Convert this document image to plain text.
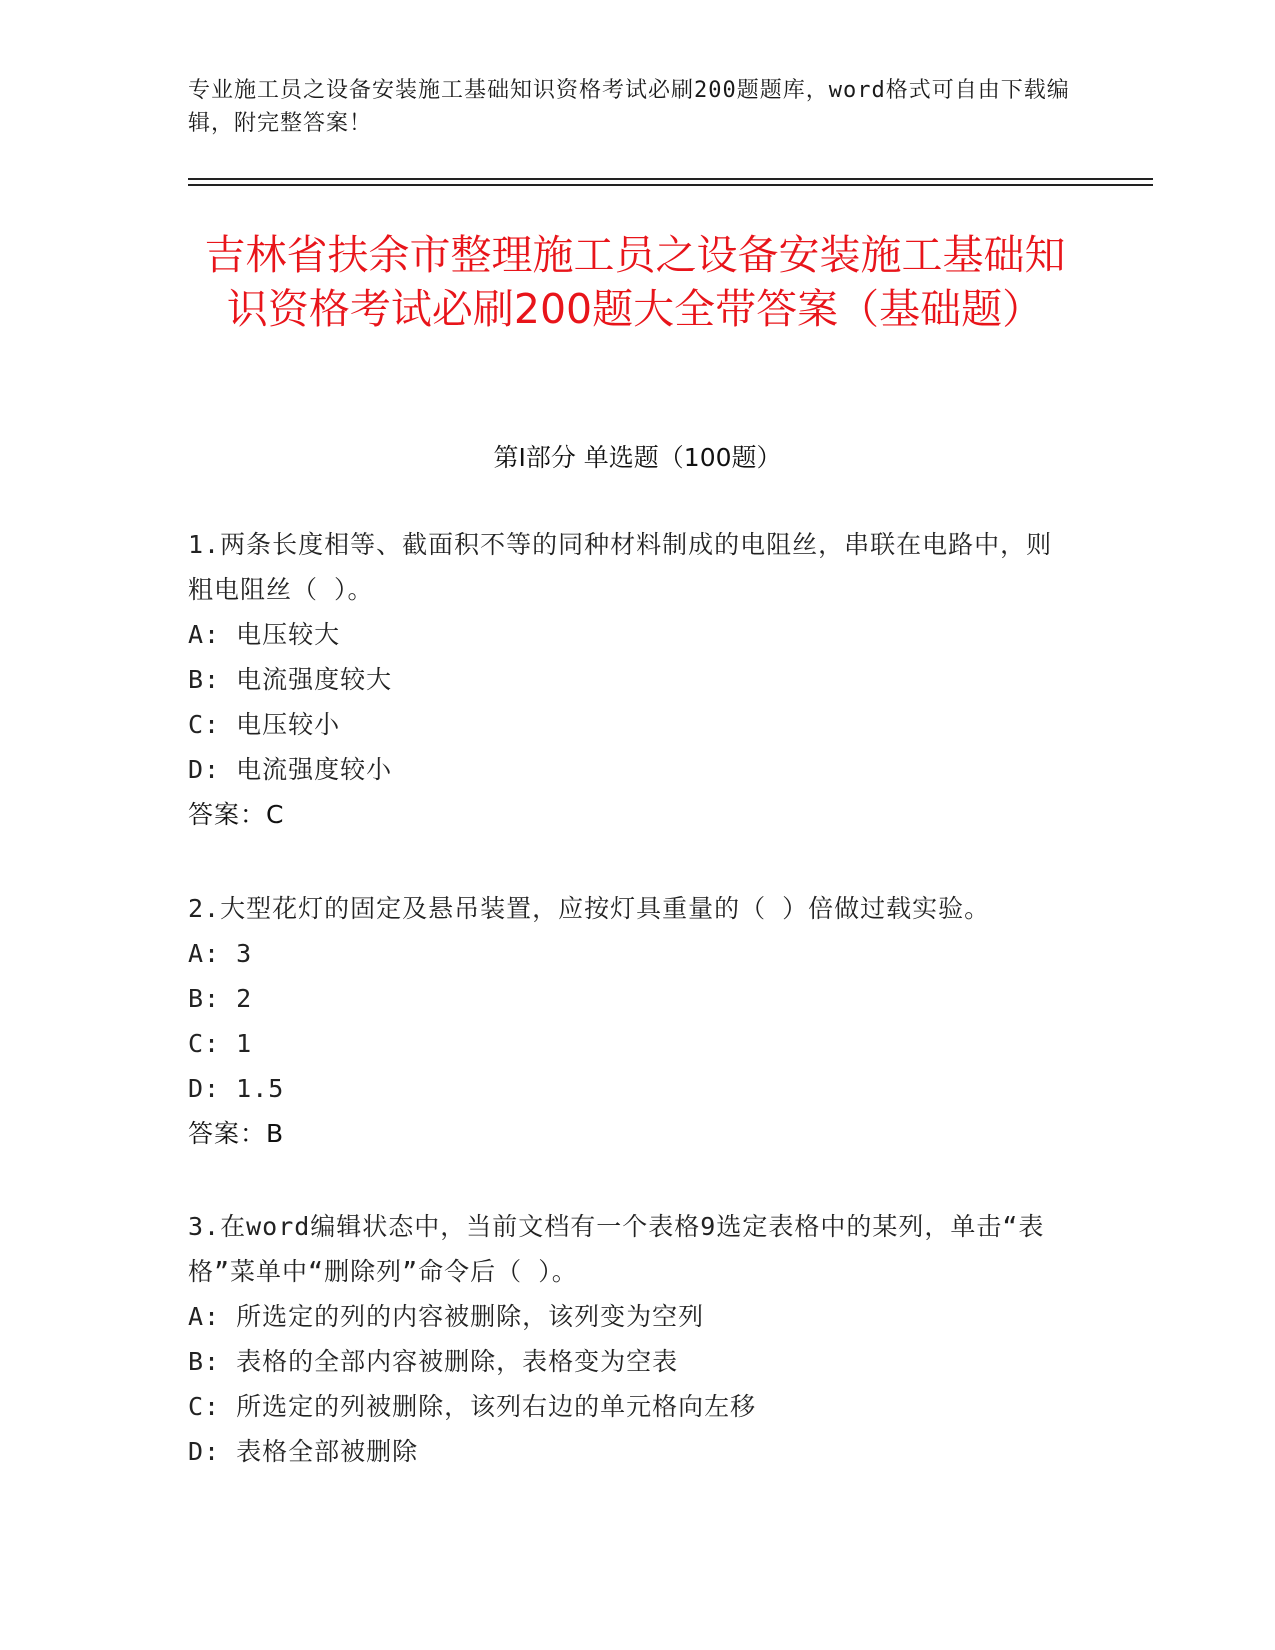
专业施工员之设备安装施工基础知识资格考试必刷200题题库，word格式可自由下载编辑，附完整答案！
吉林省扶余市整理施工员之设备安装施工基础知识资格考试必刷200题大全带答案（基础题）
第Ⅰ部分 单选题（100题）
1.两条长度相等、截面积不等的同种材料制成的电阻丝，串联在电路中，则粗电阻丝（ ）。
A: 电压较大
B: 电流强度较大
C: 电压较小
D: 电流强度较小
答案：C
2.大型花灯的固定及悬吊装置，应按灯具重量的（ ）倍做过载实验。
A: 3
B: 2
C: 1
D: 1.5
答案：B
3.在word编辑状态中，当前文档有一个表格9选定表格中的某列，单击“表格”菜单中“删除列”命令后（ ）。
A: 所选定的列的内容被删除，该列变为空列
B: 表格的全部内容被删除，表格变为空表
C: 所选定的列被删除，该列右边的单元格向左移
D: 表格全部被删除
